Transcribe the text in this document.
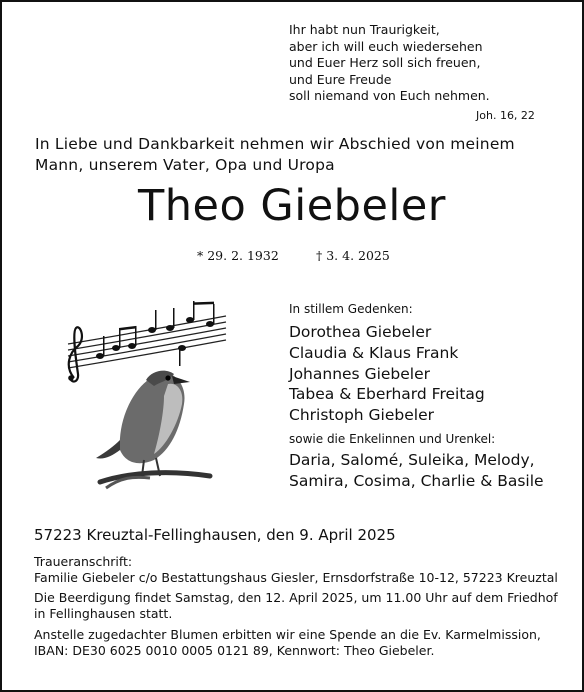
Ihr habt nun Traurigkeit,
aber ich will euch wiedersehen
und Euer Herz soll sich freuen,
und Eure Freude
soll niemand von Euch nehmen.
Joh. 16, 22
In Liebe und Dankbarkeit nehmen wir Abschied von meinem Mann, unserem Vater, Opa und Uropa
Theo Giebeler
* 29. 2. 1932	† 3. 4. 2025
In stillem Gedenken:
Dorothea Giebeler
Claudia & Klaus Frank
Johannes Giebeler
Tabea & Eberhard Freitag
Christoph Giebeler
sowie die Enkelinnen und Urenkel:
Daria, Salomé, Suleika, Melody,
Samira, Cosima, Charlie & Basile
57223 Kreuztal-Fellinghausen, den 9. April 2025
Traueranschrift:
Familie Giebeler c/o Bestattungshaus Giesler, Ernsdorfstraße 10-12, 57223 Kreuztal
Die Beerdigung findet Samstag, den 12. April 2025, um 11.00 Uhr auf dem Friedhof
in Fellinghausen statt.
Anstelle zugedachter Blumen erbitten wir eine Spende an die Ev. Karmelmission,
IBAN: DE30 6025 0010 0005 0121 89, Kennwort: Theo Giebeler.
